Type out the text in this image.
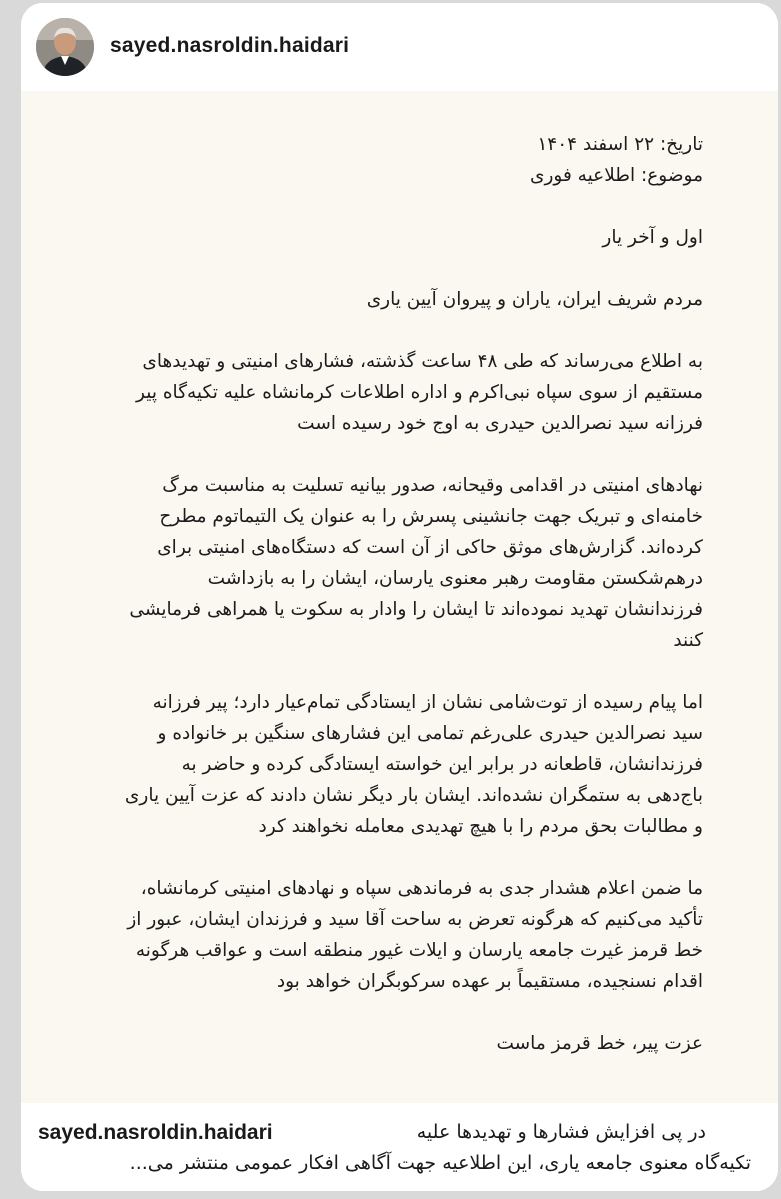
sayed.nasroldin.haidari

تاریخ: ۲۲ اسفند ۱۴۰۴

موضوع: اطلاعیه فوری

اول و آخر یار

مردم شریف ایران، یاران و پیروان آیین یاری

به اطلاع می‌رساند که طی ۴۸ ساعت گذشته، فشارهای امنیتی و تهدیدهای مستقیم از سوی سپاه نبی‌اکرم و اداره اطلاعات کرمانشاه علیه تکیه‌گاه پیر فرزانه سید نصرالدین حیدری به اوج خود رسیده است

نهادهای امنیتی در اقدامی وقیحانه، صدور بیانیه تسلیت به مناسبت مرگ خامنه‌ای و تبریک جهت جانشینی پسرش را به عنوان یک التیماتوم مطرح کرده‌اند. گزارش‌های موثق حاکی از آن است که دستگاه‌های امنیتی برای درهم‌شکستن مقاومت رهبر معنوی یارسان، ایشان را به بازداشت فرزندانشان تهدید نموده‌اند تا ایشان را وادار به سکوت یا همراهی فرمایشی کنند

اما پیام رسیده از توت‌شامی نشان از ایستادگی تمام‌عیار دارد؛ پیر فرزانه سید نصرالدین حیدری علی‌رغم تمامی این فشارهای سنگین بر خانواده و فرزندانشان، قاطعانه در برابر این خواسته ایستادگی کرده و حاضر به باج‌دهی به ستمگران نشده‌اند. ایشان بار دیگر نشان دادند که عزت آیین یاری و مطالبات بحق مردم را با هیچ تهدیدی معامله نخواهند کرد

ما ضمن اعلام هشدار جدی به فرماندهی سپاه و نهادهای امنیتی کرمانشاه، تأکید می‌کنیم که هرگونه تعرض به ساحت آقا سید و فرزندان ایشان، عبور از خط قرمز غیرت جامعه یارسان و ایلات غیور منطقه است و عواقب هرگونه اقدام نسنجیده، مستقیماً بر عهده سرکوبگران خواهد بود

عزت پیر، خط قرمز ماست

sayed.nasroldin.haidari	در پی افزایش فشارها و تهدیدها علیه
تکیه‌گاه معنوی جامعه یاری، این اطلاعیه جهت آگاهی افکار عمومی منتشر می...
